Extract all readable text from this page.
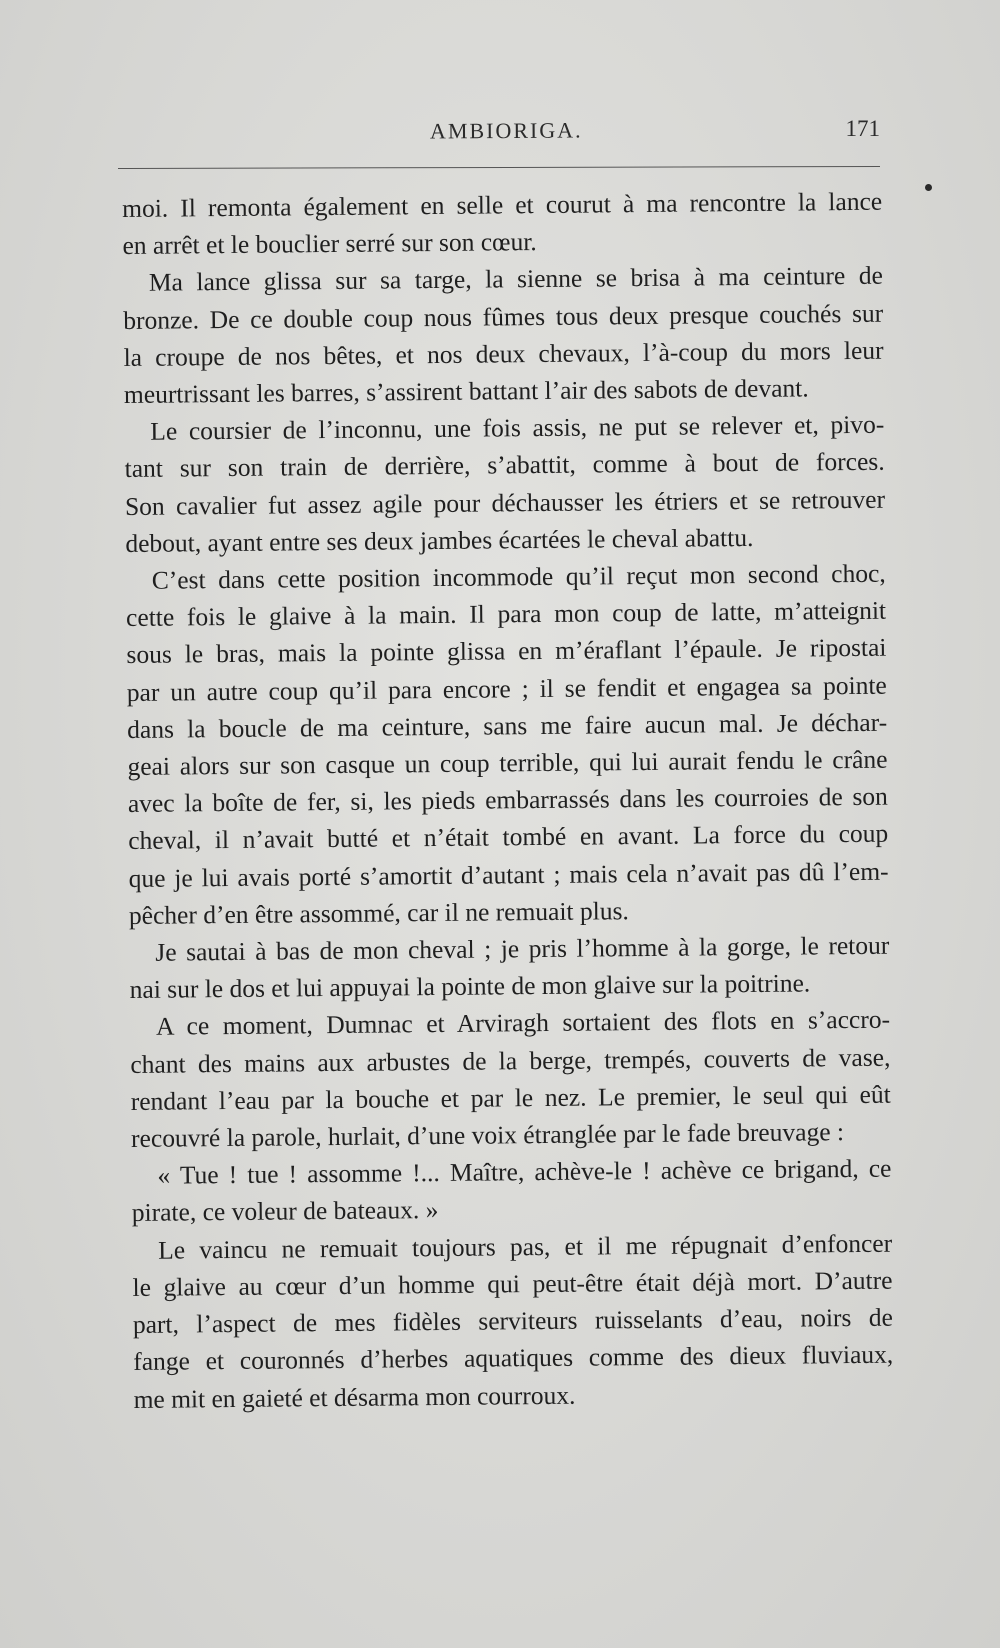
AMBIORIGA.	171
moi. Il remonta également en selle et courut à ma rencontre la lance
en arrêt et le bouclier serré sur son cœur.
Ma lance glissa sur sa targe, la sienne se brisa à ma ceinture de
bronze. De ce double coup nous fûmes tous deux presque couchés sur
la croupe de nos bêtes, et nos deux chevaux, l’à-coup du mors leur
meurtrissant les barres, s’assirent battant l’air des sabots de devant.
Le coursier de l’inconnu, une fois assis, ne put se relever et, pivo-
tant sur son train de derrière, s’abattit, comme à bout de forces.
Son cavalier fut assez agile pour déchausser les étriers et se retrouver
debout, ayant entre ses deux jambes écartées le cheval abattu.
C’est dans cette position incommode qu’il reçut mon second choc,
cette fois le glaive à la main. Il para mon coup de latte, m’atteignit
sous le bras, mais la pointe glissa en m’éraflant l’épaule. Je ripostai
par un autre coup qu’il para encore ; il se fendit et engagea sa pointe
dans la boucle de ma ceinture, sans me faire aucun mal. Je déchar-
geai alors sur son casque un coup terrible, qui lui aurait fendu le crâne
avec la boîte de fer, si, les pieds embarrassés dans les courroies de son
cheval, il n’avait butté et n’était tombé en avant. La force du coup
que je lui avais porté s’amortit d’autant ; mais cela n’avait pas dû l’em-
pêcher d’en être assommé, car il ne remuait plus.
Je sautai à bas de mon cheval ; je pris l’homme à la gorge, le retour
nai sur le dos et lui appuyai la pointe de mon glaive sur la poitrine.
A ce moment, Dumnac et Arviragh sortaient des flots en s’accro-
chant des mains aux arbustes de la berge, trempés, couverts de vase,
rendant l’eau par la bouche et par le nez. Le premier, le seul qui eût
recouvré la parole, hurlait, d’une voix étranglée par le fade breuvage :
« Tue ! tue ! assomme !... Maître, achève-le ! achève ce brigand, ce
pirate, ce voleur de bateaux. »
Le vaincu ne remuait toujours pas, et il me répugnait d’enfoncer
le glaive au cœur d’un homme qui peut-être était déjà mort. D’autre
part, l’aspect de mes fidèles serviteurs ruisselants d’eau, noirs de
fange et couronnés d’herbes aquatiques comme des dieux fluviaux,
me mit en gaieté et désarma mon courroux.
